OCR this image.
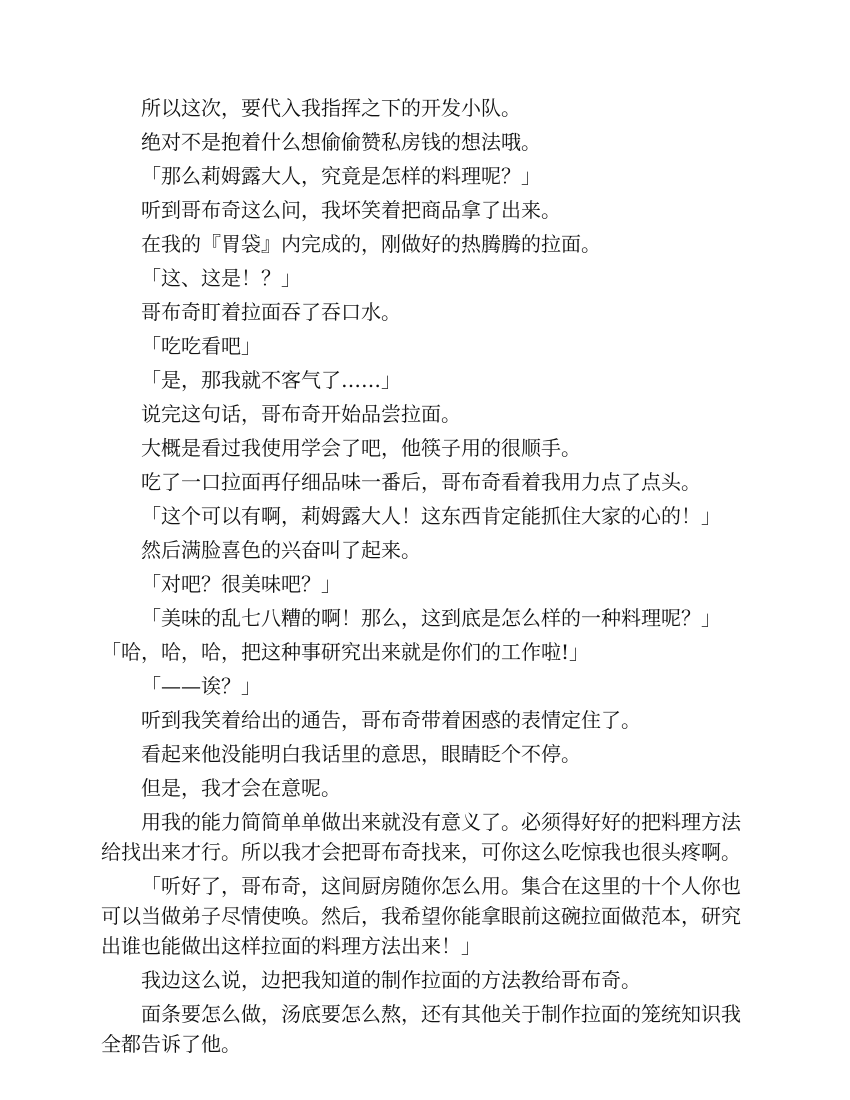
所以这次，要代入我指挥之下的开发小队。

绝对不是抱着什么想偷偷赞私房钱的想法哦。

「那么莉姆露大人，究竟是怎样的料理呢？」

听到哥布奇这么问，我坏笑着把商品拿了出来。

在我的『胃袋』内完成的，刚做好的热腾腾的拉面。

「这、这是！？」

哥布奇盯着拉面吞了吞口水。

「吃吃看吧」

「是，那我就不客气了……」

说完这句话，哥布奇开始品尝拉面。

大概是看过我使用学会了吧，他筷子用的很顺手。

吃了一口拉面再仔细品味一番后，哥布奇看着我用力点了点头。

「这个可以有啊，莉姆露大人！这东西肯定能抓住大家的心的！」

然后满脸喜色的兴奋叫了起来。

「对吧？很美味吧？」

「美味的乱七八糟的啊！那么，这到底是怎么样的一种料理呢？」

「哈，哈，哈，把这种事研究出来就是你们的工作啦!」

「——诶？」

听到我笑着给出的通告，哥布奇带着困惑的表情定住了。

看起来他没能明白我话里的意思，眼睛眨个不停。

但是，我才会在意呢。

用我的能力简简单单做出来就没有意义了。必须得好好的把料理方法给找出来才行。所以我才会把哥布奇找来，可你这么吃惊我也很头疼啊。

「听好了，哥布奇，这间厨房随你怎么用。集合在这里的十个人你也可以当做弟子尽情使唤。然后，我希望你能拿眼前这碗拉面做范本，研究出谁也能做出这样拉面的料理方法出来！」

我边这么说，边把我知道的制作拉面的方法教给哥布奇。

面条要怎么做，汤底要怎么熬，还有其他关于制作拉面的笼统知识我全都告诉了他。
